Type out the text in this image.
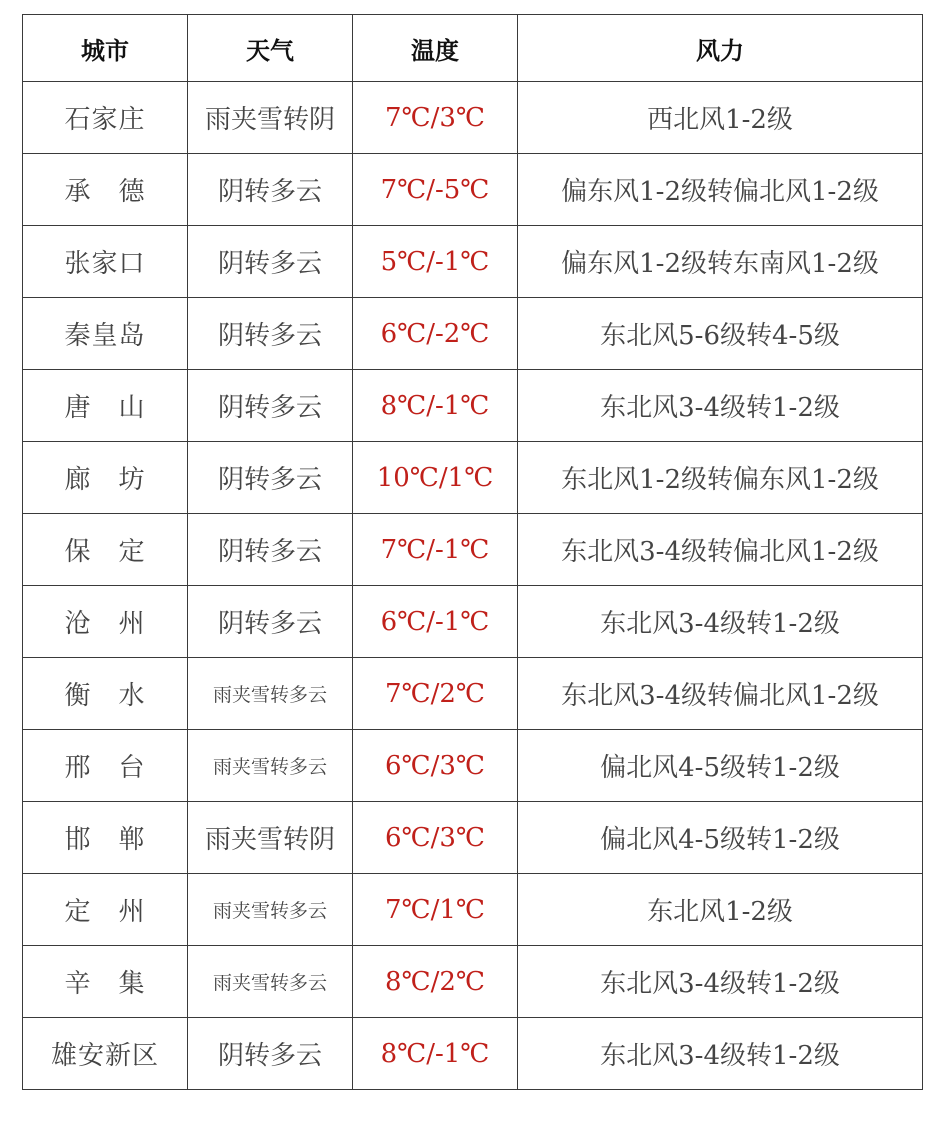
城市	天气	温度	风力
石家庄	雨夹雪转阴	7℃/3℃	西北风1-2级
承　德	阴转多云	7℃/-5℃	偏东风1-2级转偏北风1-2级
张家口	阴转多云	5℃/-1℃	偏东风1-2级转东南风1-2级
秦皇岛	阴转多云	6℃/-2℃	东北风5-6级转4-5级
唐　山	阴转多云	8℃/-1℃	东北风3-4级转1-2级
廊　坊	阴转多云	10℃/1℃	东北风1-2级转偏东风1-2级
保　定	阴转多云	7℃/-1℃	东北风3-4级转偏北风1-2级
沧　州	阴转多云	6℃/-1℃	东北风3-4级转1-2级
衡　水	雨夹雪转多云	7℃/2℃	东北风3-4级转偏北风1-2级
邢　台	雨夹雪转多云	6℃/3℃	偏北风4-5级转1-2级
邯　郸	雨夹雪转阴	6℃/3℃	偏北风4-5级转1-2级
定　州	雨夹雪转多云	7℃/1℃	东北风1-2级
辛　集	雨夹雪转多云	8℃/2℃	东北风3-4级转1-2级
雄安新区	阴转多云	8℃/-1℃	东北风3-4级转1-2级
